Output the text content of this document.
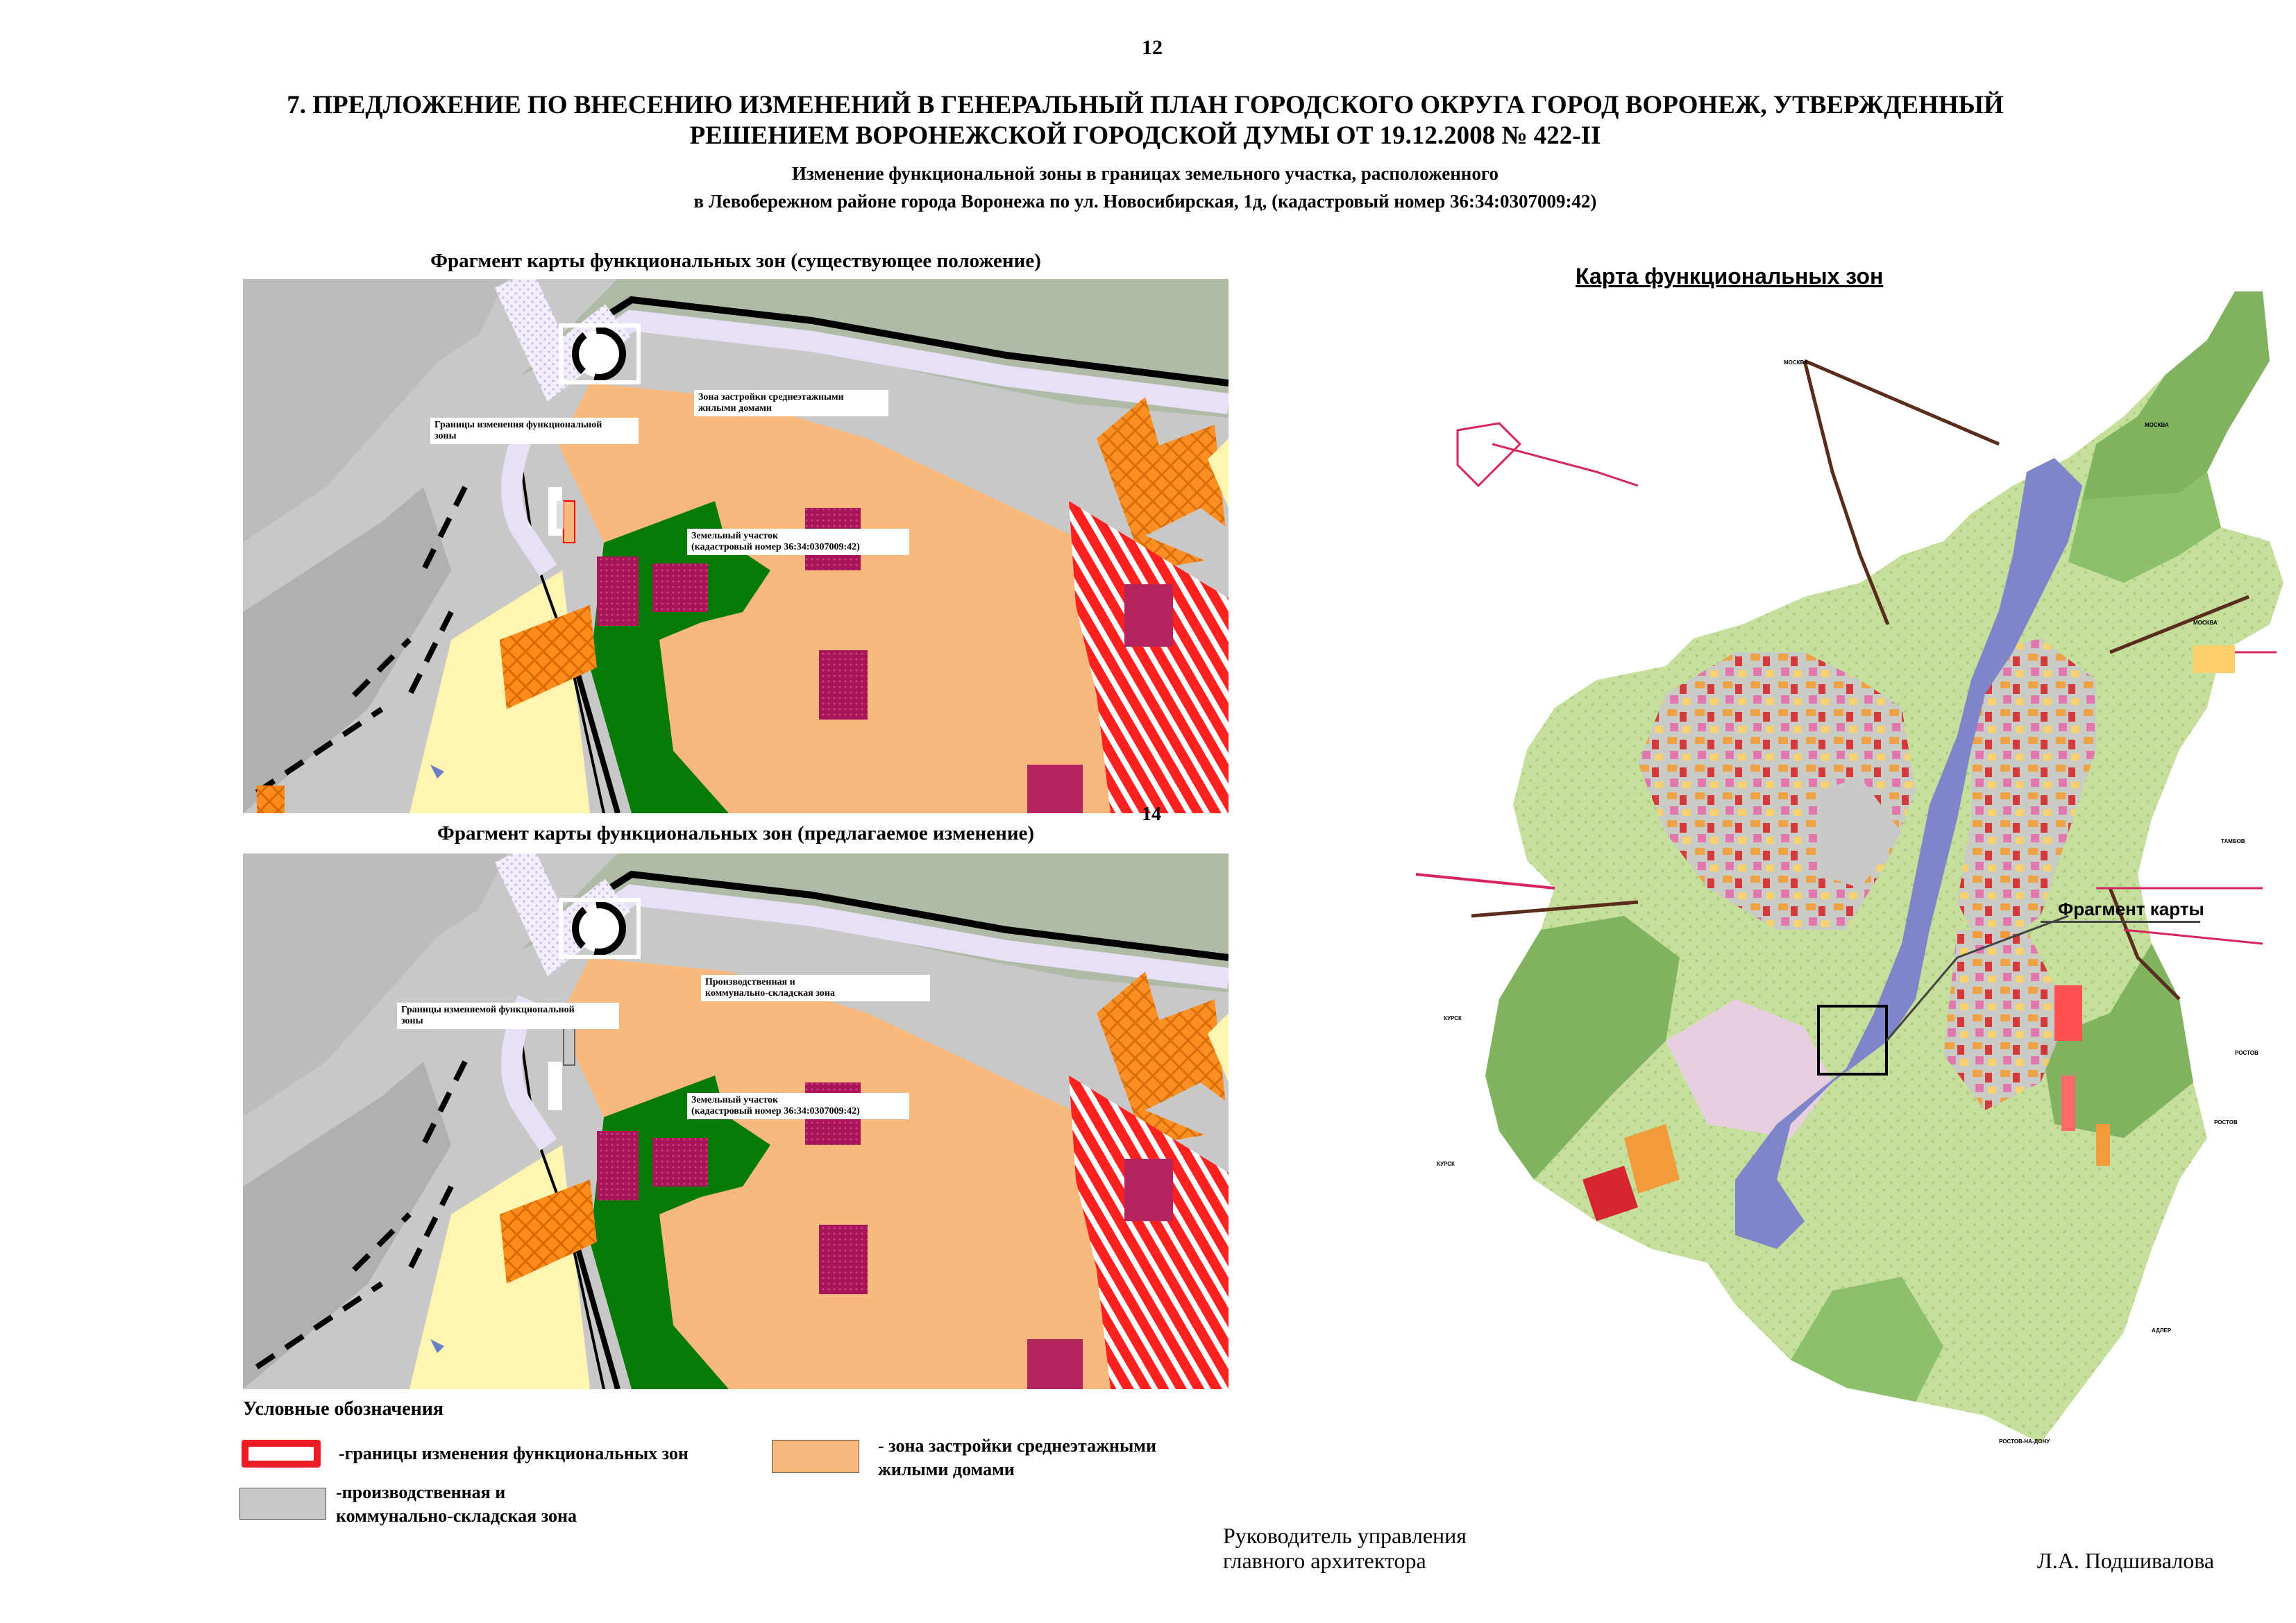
12
7. ПРЕДЛОЖЕНИЕ ПО ВНЕСЕНИЮ ИЗМЕНЕНИЙ В ГЕНЕРАЛЬНЫЙ ПЛАН ГОРОДСКОГО ОКРУГА ГОРОД ВОРОНЕЖ, УТВЕРЖДЕННЫЙ
РЕШЕНИЕМ ВОРОНЕЖСКОЙ ГОРОДСКОЙ ДУМЫ ОТ 19.12.2008 № 422-II
Изменение функциональной зоны в границах земельного участка, расположенного
в Левобережном районе города Воронежа по ул. Новосибирская, 1д, (кадастровый номер 36:34:0307009:42)
Фрагмент карты функциональных зон (существующее положение)
Границы изменения функциональной
зоны
Зона застройки среднеэтажными
жилыми домами
Земельный участок
(кадастровый номер 36:34:0307009:42)
14
Фрагмент карты функциональных зон (предлагаемое изменение)
Границы изменяемой функциональной
зоны
Производственная и
коммунально-складская зона
Земельный участок
(кадастровый номер 36:34:0307009:42)
Условные обозначения
-границы изменения функциональных зон
-производственная и
коммунально-складская зона
- зона застройки среднеэтажными
жилыми домами
Карта функциональных зон
МОСКВА
МОСКВА
МОСКВА
ТАМБОВ
КУРСК
КУРСК
РОСТОВ
РОСТОВ
АДЛЕР
РОСТОВ-НА-ДОНУ
Фрагмент карты
Руководитель управления
главного архитектора	Л.А. Подшивалова
